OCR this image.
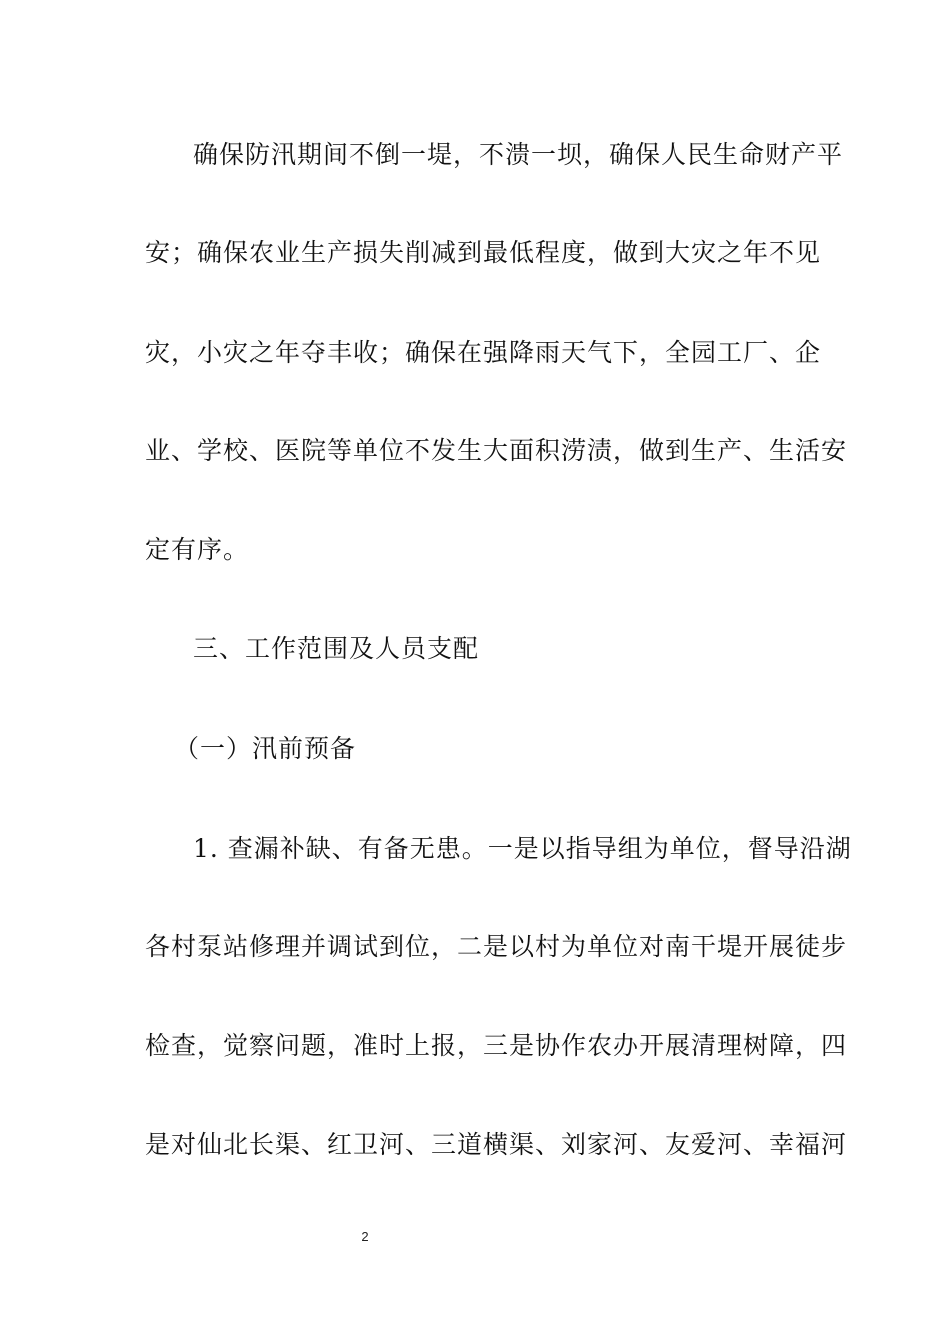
确保防汛期间不倒一堤，不溃一坝，确保人民生命财产平
安；确保农业生产损失削减到最低程度，做到大灾之年不见
灾，小灾之年夺丰收；确保在强降雨天气下，全园工厂、企
业、学校、医院等单位不发生大面积涝渍，做到生产、生活安
定有序。
三、工作范围及人员支配
（一）汛前预备
1. 查漏补缺、有备无患。一是以指导组为单位，督导沿湖
各村泵站修理并调试到位，二是以村为单位对南干堤开展徒步
检查，觉察问题，准时上报，三是协作农办开展清理树障，四
是对仙北长渠、红卫河、三道横渠、刘家河、友爱河、幸福河
2
